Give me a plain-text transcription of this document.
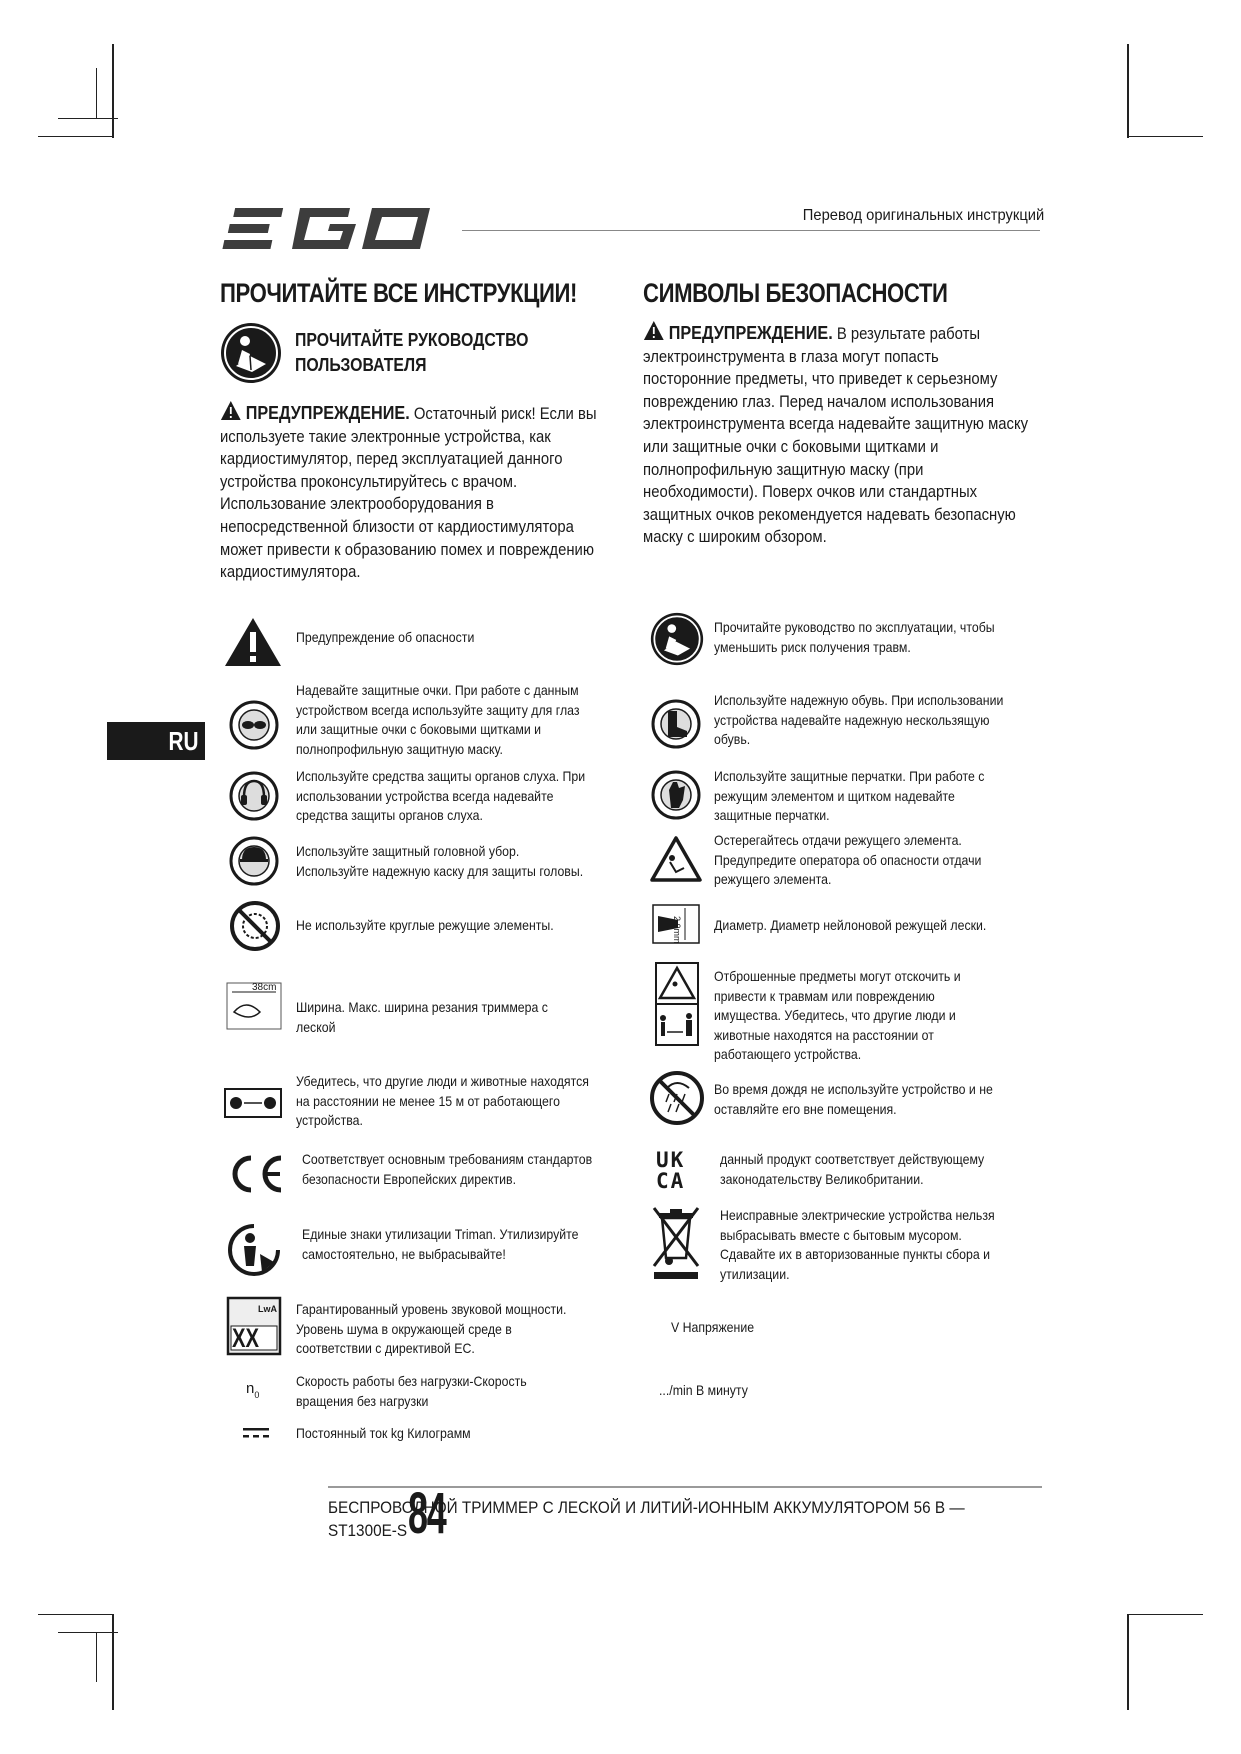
Перевод оригинальных инструкций
RU
ПРОЧИТАЙТЕ ВСЕ ИНСТРУКЦИИ!
ПРОЧИТАЙТЕ РУКОВОДСТВО ПОЛЬЗОВАТЕЛЯ
ПРЕДУПРЕЖДЕНИЕ. Остаточный риск! Если вы используете такие электронные устройства, как кардиостимулятор, перед эксплуатацией данного устройства проконсультируйтесь с врачом. Использование электрооборудования в непосредственной близости от кардиостимулятора может привести к образованию помех и повреждению кардиостимулятора.
СИМВОЛЫ БЕЗОПАСНОСТИ
ПРЕДУПРЕЖДЕНИЕ. В результате работы электроинструмента в глаза могут попасть посторонние предметы, что приведет к серьезному повреждению глаз. Перед началом использования электроинструмента всегда надевайте защитную маску или защитные очки с боковыми щитками и полнопрофильную защитную маску (при необходимости). Поверх очков или стандартных защитных очков рекомендуется надевать безопасную маску с широким обзором.
Предупреждение об опасности
Надевайте защитные очки. При работе с данным устройством всегда используйте защиту для глаз или защитные очки с боковыми щитками и полнопрофильную защитную маску.
Используйте средства защиты органов слуха. При использовании устройства всегда надевайте средства защиты органов слуха.
Используйте защитный головной убор. Используйте надежную каску для защиты головы.
Не используйте круглые режущие элементы.
38cm
Ширина. Макс. ширина резания триммера с леской
Убедитесь, что другие люди и животные находятся на расстоянии не менее 15 м от работающего устройства.
Соответствует основным требованиям стандартов безопасности Европейских директив.
Единые знаки утилизации Triman. Утилизируйте самостоятельно, не выбрасывайте!
LwA
XX
Гарантированный уровень звуковой мощности. Уровень шума в окружающей среде в соответствии с директивой ЕС.
$n_0$
Скорость работы без нагрузки-Скорость вращения без нагрузки
Постоянный ток kg Килограмм
Прочитайте руководство по эксплуатации, чтобы уменьшить риск получения травм.
Используйте надежную обувь. При использовании устройства надевайте надежную нескользящую обувь.
Используйте защитные перчатки. При работе с режущим элементом и щитком надевайте защитные перчатки.
Остерегайтесь отдачи режущего элемента. Предупредите оператора об опасности отдачи режущего элемента.
2.0mm Диаметр. Диаметр нейлоновой режущей лески.
Отброшенные предметы могут отскочить и привести к травмам или повреждению имущества. Убедитесь, что другие люди и животные находятся на расстоянии от работающего устройства.
Во время дождя не используйте устройство и не оставляйте его вне помещения.
UK CA
данный продукт соответствует действующему законодательству Великобритании.
Неисправные электрические устройства нельзя выбрасывать вместе с бытовым мусором. Сдавайте их в авторизованные пункты сбора и утилизации.
V Напряжение
.../min В минуту
БЕСПРОВОДНОЙ ТРИММЕР С ЛЕСКОЙ И ЛИТИЙ-ИОННЫМ АККУМУЛЯТОРОМ 56 В —
ST1300E-S 84
